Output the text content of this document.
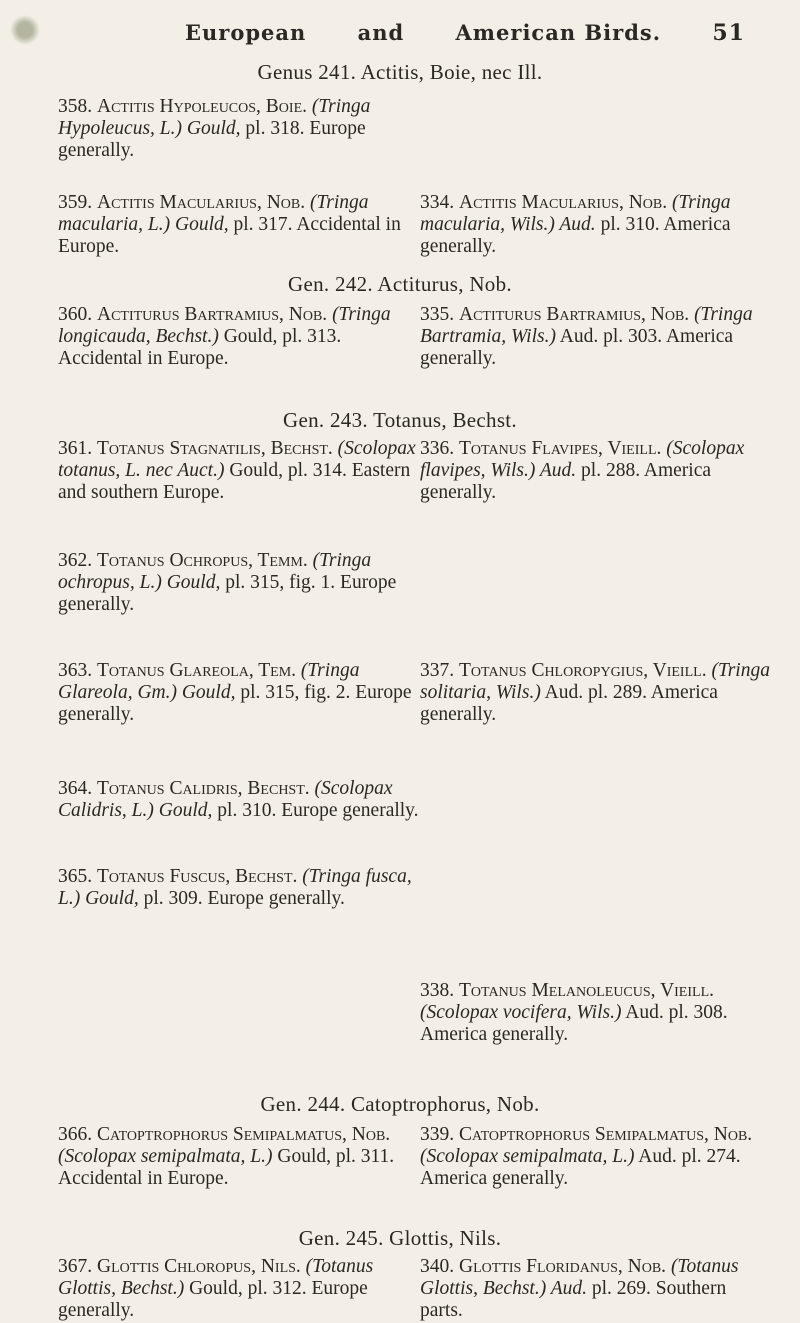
European and American Birds. 51
Genus 241. Actitis, Boie, nec Ill.
358. Actitis Hypoleucos, Boie. (Tringa Hypoleucus, L.) Gould, pl. 318. Europe generally.
359. Actitis Macularius, Nob. (Tringa macularia, L.) Gould, pl. 317. Accidental in Europe.
334. Actitis Macularius, Nob. (Tringa macularia, Wils.) Aud. pl. 310. America generally.
Gen. 242. Actiturus, Nob.
360. Actiturus Bartramius, Nob. (Tringa longicauda, Bechst.) Gould, pl. 313. Accidental in Europe.
335. Actiturus Bartramius, Nob. (Tringa Bartramia, Wils.) Aud. pl. 303. America generally.
Gen. 243. Totanus, Bechst.
361. Totanus Stagnatilis, Bechst. (Scolopax totanus, L. nec Auct.) Gould, pl. 314. Eastern and southern Europe.
336. Totanus Flavipes, Vieill. (Scolopax flavipes, Wils.) Aud. pl. 288. America generally.
362. Totanus Ochropus, Temm. (Tringa ochropus, L.) Gould, pl. 315, fig. 1. Europe generally.
363. Totanus Glareola, Tem. (Tringa Glareola, Gm.) Gould, pl. 315, fig. 2. Europe generally.
337. Totanus Chloropygius, Vieill. (Tringa solitaria, Wils.) Aud. pl. 289. America generally.
364. Totanus Calidris, Bechst. (Scolopax Calidris, L.) Gould, pl. 310. Europe generally.
365. Totanus Fuscus, Bechst. (Tringa fusca, L.) Gould, pl. 309. Europe generally.
338. Totanus Melanoleucus, Vieill. (Scolopax vocifera, Wils.) Aud. pl. 308. America generally.
Gen. 244. Catoptrophorus, Nob.
366. Catoptrophorus Semipalmatus, Nob. (Scolopax semipalmata, L.) Gould, pl. 311. Accidental in Europe.
339. Catoptrophorus Semipalmatus, Nob. (Scolopax semipalmata, L.) Aud. pl. 274. America generally.
Gen. 245. Glottis, Nils.
367. Glottis Chloropus, Nils. (Totanus Glottis, Bechst.) Gould, pl. 312. Europe generally.
340. Glottis Floridanus, Nob. (Totanus Glottis, Bechst.) Aud. pl. 269. Southern parts.
